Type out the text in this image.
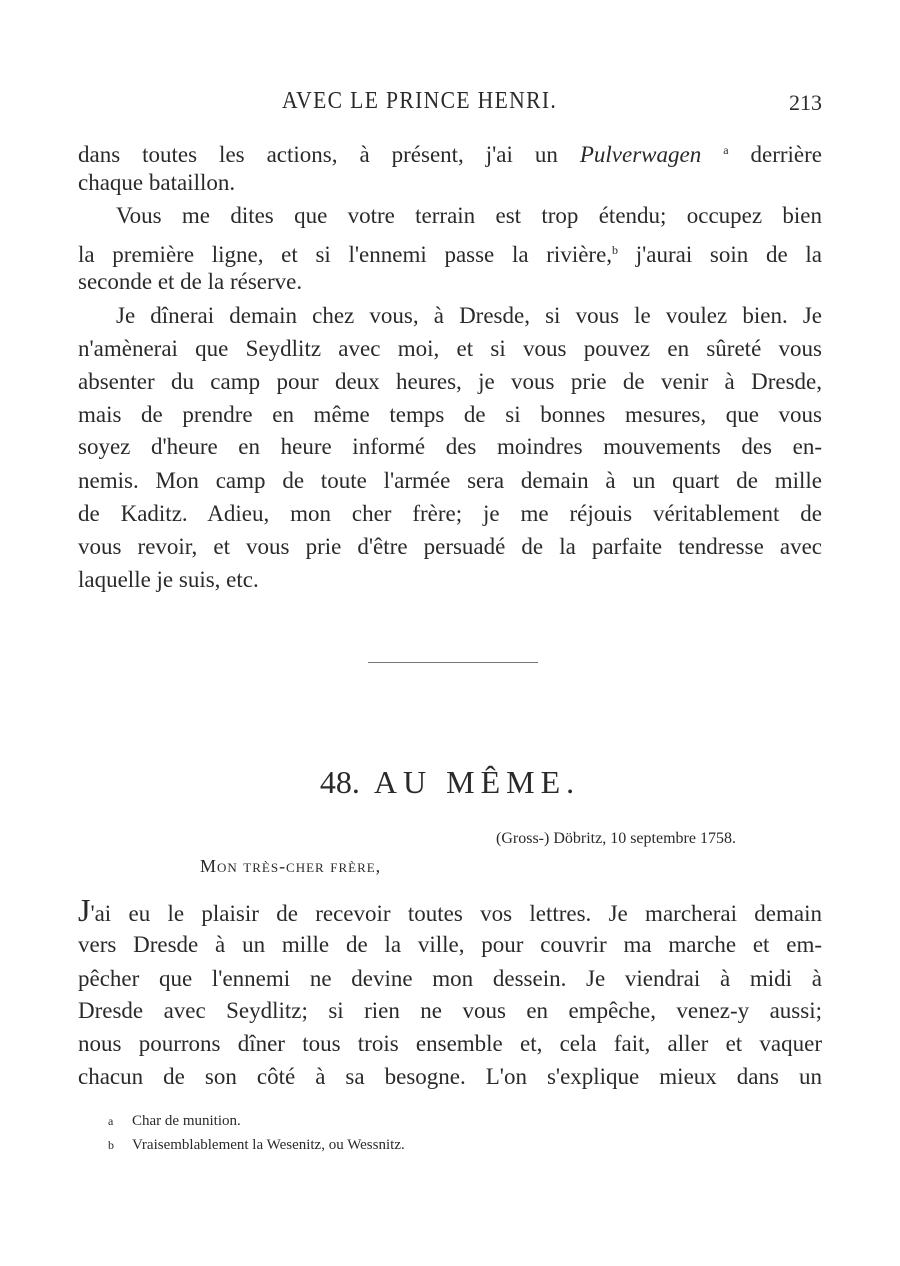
AVEC LE PRINCE HENRI.	213
dans toutes les actions, à présent, j'ai un Pulverwagen $^a$ derrière
chaque bataillon.
Vous me dites que votre terrain est trop étendu; occupez bien
la première ligne, et si l'ennemi passe la rivière,$^b$ j'aurai soin de la
seconde et de la réserve.
Je dînerai demain chez vous, à Dresde, si vous le voulez bien. Je
n'amènerai que Seydlitz avec moi, et si vous pouvez en sûreté vous
absenter du camp pour deux heures, je vous prie de venir à Dresde,
mais de prendre en même temps de si bonnes mesures, que vous
soyez d'heure en heure informé des moindres mouvements des en-
nemis. Mon camp de toute l'armée sera demain à un quart de mille
de Kaditz. Adieu, mon cher frère; je me réjouis véritablement de
vous revoir, et vous prie d'être persuadé de la parfaite tendresse avec
laquelle je suis, etc.
48. AU MÊME.
(Gross-) Döbritz, 10 septembre 1758.
Mon très-cher frère,
J'ai eu le plaisir de recevoir toutes vos lettres. Je marcherai demain
vers Dresde à un mille de la ville, pour couvrir ma marche et em-
pêcher que l'ennemi ne devine mon dessein. Je viendrai à midi à
Dresde avec Seydlitz; si rien ne vous en empêche, venez-y aussi;
nous pourrons dîner tous trois ensemble et, cela fait, aller et vaquer
chacun de son côté à sa besogne. L'on s'explique mieux dans un
a Char de munition.
b Vraisemblablement la Wesenitz, ou Wessnitz.
